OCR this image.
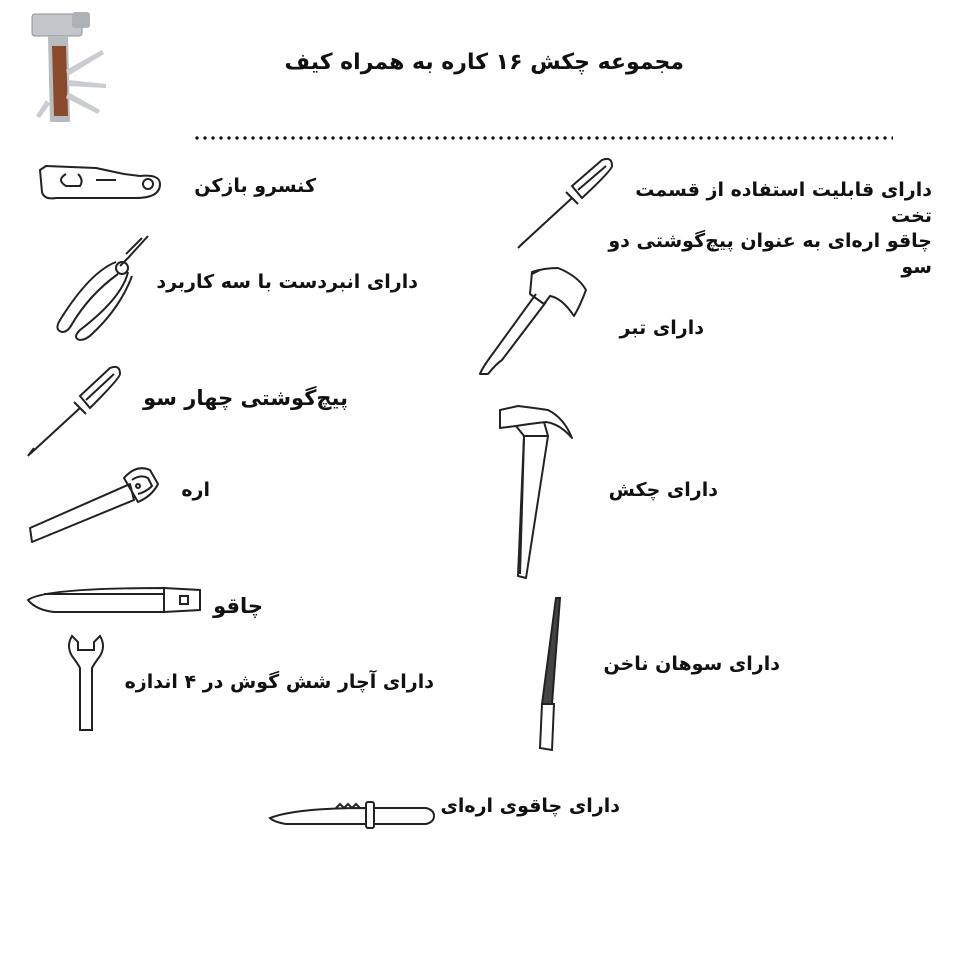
مجموعه چکش ۱۶ کاره به همراه کیف
کنسرو بازکن
دارای انبردست با سه کاربرد
پیچ‌گوشتی چهار سو
اره
چاقو
دارای آچار شش گوش در ۴ اندازه
دارای قابلیت استفاده از قسمت تخت
چاقو اره‌ای به عنوان پیچ‌گوشتی دو سو
دارای تبر
دارای چکش
دارای سوهان ناخن
دارای چاقوی اره‌ای
